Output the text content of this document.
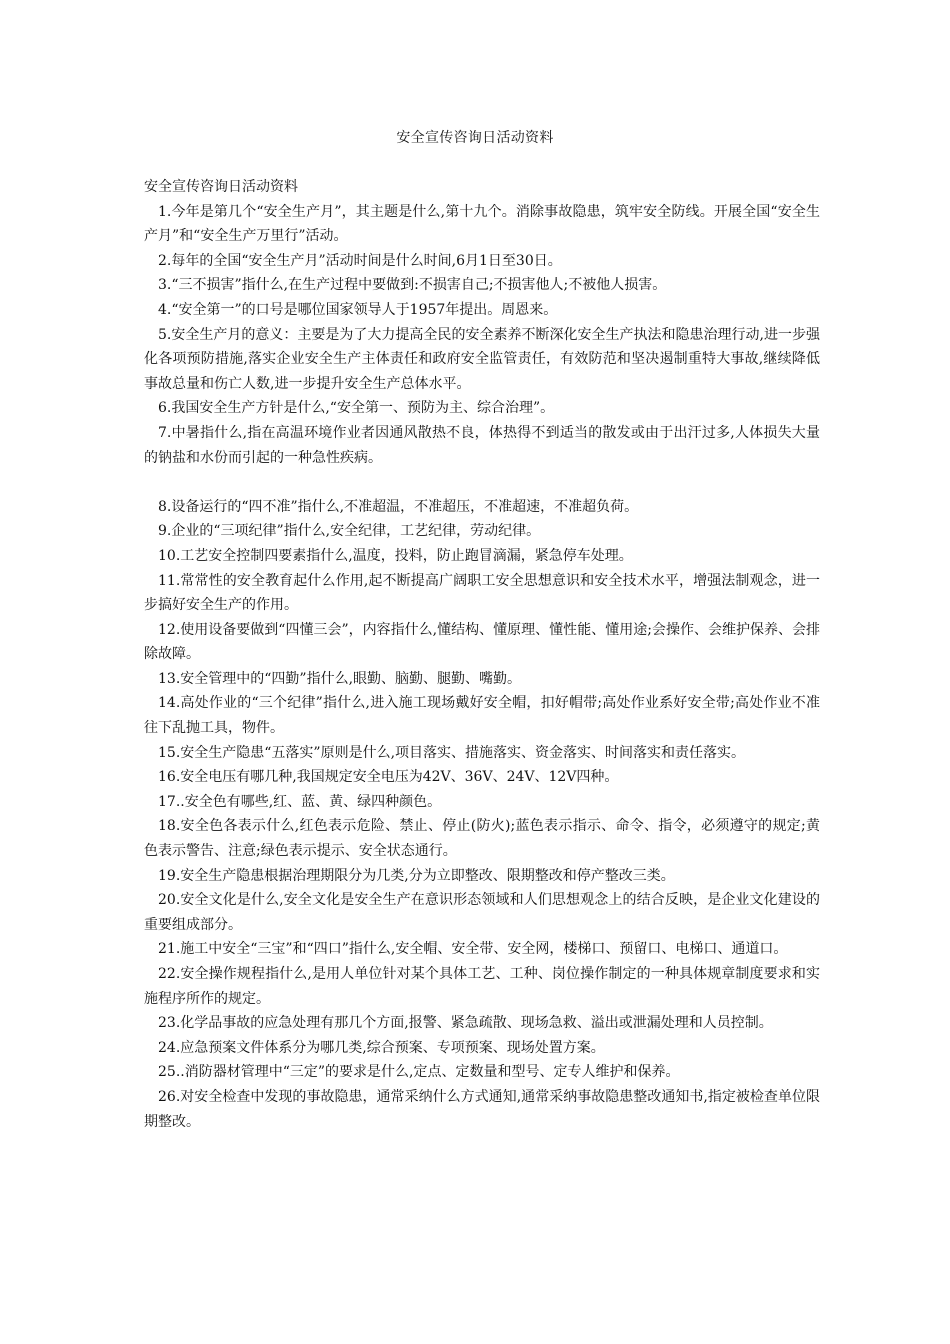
安全宣传咨询日活动资料

安全宣传咨询日活动资料

1.今年是第几个“安全生产月”，其主题是什么,第十九个。消除事故隐患，筑牢安全防线。开展全国“安全生产月”和“安全生产万里行”活动。

2.每年的全国“安全生产月”活动时间是什么时间,6月1日至30日。

3.“三不损害”指什么,在生产过程中要做到:不损害自己;不损害他人;不被他人损害。

4.“安全第一”的口号是哪位国家领导人于1957年提出。周恩来。

5.安全生产月的意义：主要是为了大力提高全民的安全素养不断深化安全生产执法和隐患治理行动,进一步强化各项预防措施,落实企业安全生产主体责任和政府安全监管责任，有效防范和坚决遏制重特大事故,继续降低事故总量和伤亡人数,进一步提升安全生产总体水平。

6.我国安全生产方针是什么,“安全第一、预防为主、综合治理”。

7.中暑指什么,指在高温环境作业者因通风散热不良，体热得不到适当的散发或由于出汗过多,人体损失大量的钠盐和水份而引起的一种急性疾病。

8.设备运行的“四不准”指什么,不准超温，不准超压，不准超速，不准超负荷。

9.企业的“三项纪律”指什么,安全纪律，工艺纪律，劳动纪律。

10.工艺安全控制四要素指什么,温度，投料，防止跑冒滴漏，紧急停车处理。

11.常常性的安全教育起什么作用,起不断提高广阔职工安全思想意识和安全技术水平，增强法制观念，进一步搞好安全生产的作用。

12.使用设备要做到“四懂三会”，内容指什么,懂结构、懂原理、懂性能、懂用途;会操作、会维护保养、会排除故障。

13.安全管理中的“四勤”指什么,眼勤、脑勤、腿勤、嘴勤。

14.高处作业的“三个纪律”指什么,进入施工现场戴好安全帽，扣好帽带;高处作业系好安全带;高处作业不准往下乱抛工具，物件。

15.安全生产隐患“五落实”原则是什么,项目落实、措施落实、资金落实、时间落实和责任落实。

16.安全电压有哪几种,我国规定安全电压为42V、36V、24V、12V四种。

17..安全色有哪些,红、蓝、黄、绿四种颜色。

18.安全色各表示什么,红色表示危险、禁止、停止(防火);蓝色表示指示、命令、指令，必须遵守的规定;黄色表示警告、注意;绿色表示提示、安全状态通行。

19.安全生产隐患根据治理期限分为几类,分为立即整改、限期整改和停产整改三类。

20.安全文化是什么,安全文化是安全生产在意识形态领域和人们思想观念上的结合反映，是企业文化建设的重要组成部分。

21.施工中安全“三宝”和“四口”指什么,安全帽、安全带、安全网，楼梯口、预留口、电梯口、通道口。

22.安全操作规程指什么,是用人单位针对某个具体工艺、工种、岗位操作制定的一种具体规章制度要求和实施程序所作的规定。

23.化学品事故的应急处理有那几个方面,报警、紧急疏散、现场急救、溢出或泄漏处理和人员控制。

24.应急预案文件体系分为哪几类,综合预案、专项预案、现场处置方案。

25..消防器材管理中“三定”的要求是什么,定点、定数量和型号、定专人维护和保养。

26.对安全检查中发现的事故隐患，通常采纳什么方式通知,通常采纳事故隐患整改通知书,指定被检查单位限期整改。
